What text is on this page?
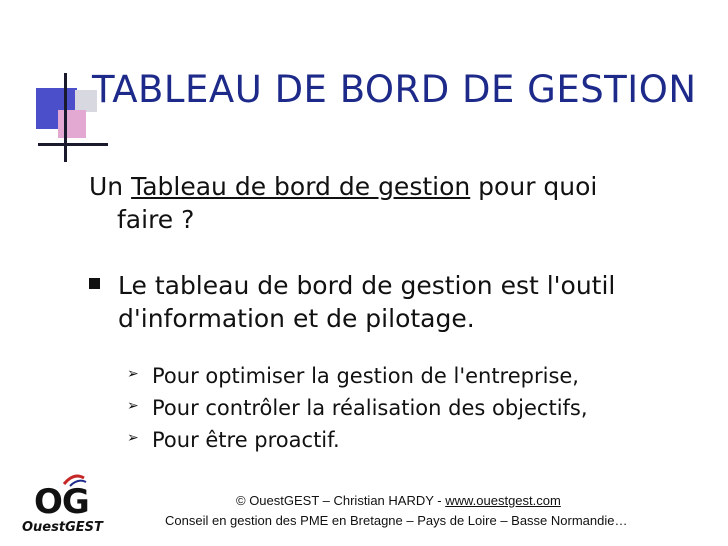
TABLEAU DE BORD DE GESTION
Un Tableau de bord de gestion pour quoi
faire ?
Le tableau de bord de gestion est l'outil
d'information et de pilotage.
➢ Pour optimiser la gestion de l'entreprise,
➢ Pour contrôler la réalisation des objectifs,
➢ Pour être proactif.
OG
OuestGEST
© OuestGEST – Christian HARDY - www.ouestgest.com
Conseil en gestion des PME en Bretagne – Pays de Loire – Basse Normandie…
